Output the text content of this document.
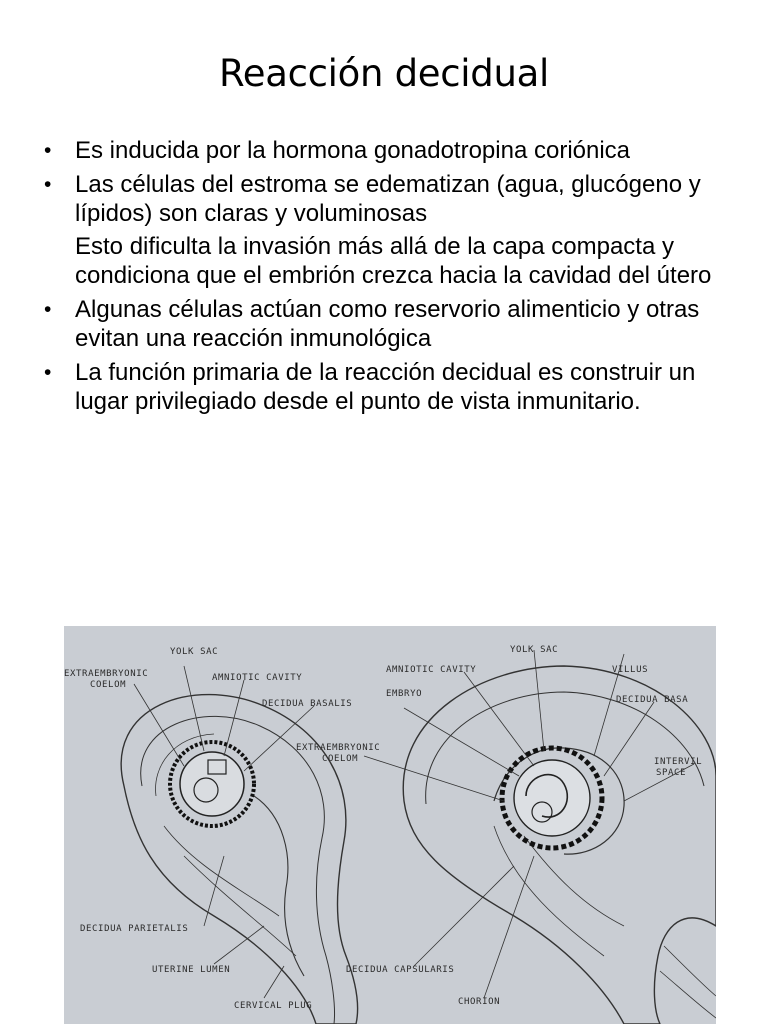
Reacción decidual
• Es inducida por la hormona gonadotropina coriónica
• Las células del estroma se edematizan (agua, glucógeno y lípidos) son claras y voluminosas
Esto dificulta la invasión más allá de la capa compacta y condiciona que el embrión crezca hacia la cavidad del útero
• Algunas células actúan como reservorio alimenticio y otras evitan una reacción inmunológica
• La función primaria de la reacción decidual es construir un lugar privilegiado desde el punto de vista inmunitario.
YOLK SAC
EXTRAEMBRYONIC
COELOM
AMNIOTIC CAVITY
DECIDUA BASALIS
DECIDUA PARIETALIS
UTERINE LUMEN
CERVICAL PLUG
YOLK SAC
AMNIOTIC CAVITY	VILLUS
EMBRYO
DECIDUA BASA
EXTRAEMBRYONIC
COELOM	INTERVIL
SPACE
DECIDUA CAPSULARIS
CHORION
